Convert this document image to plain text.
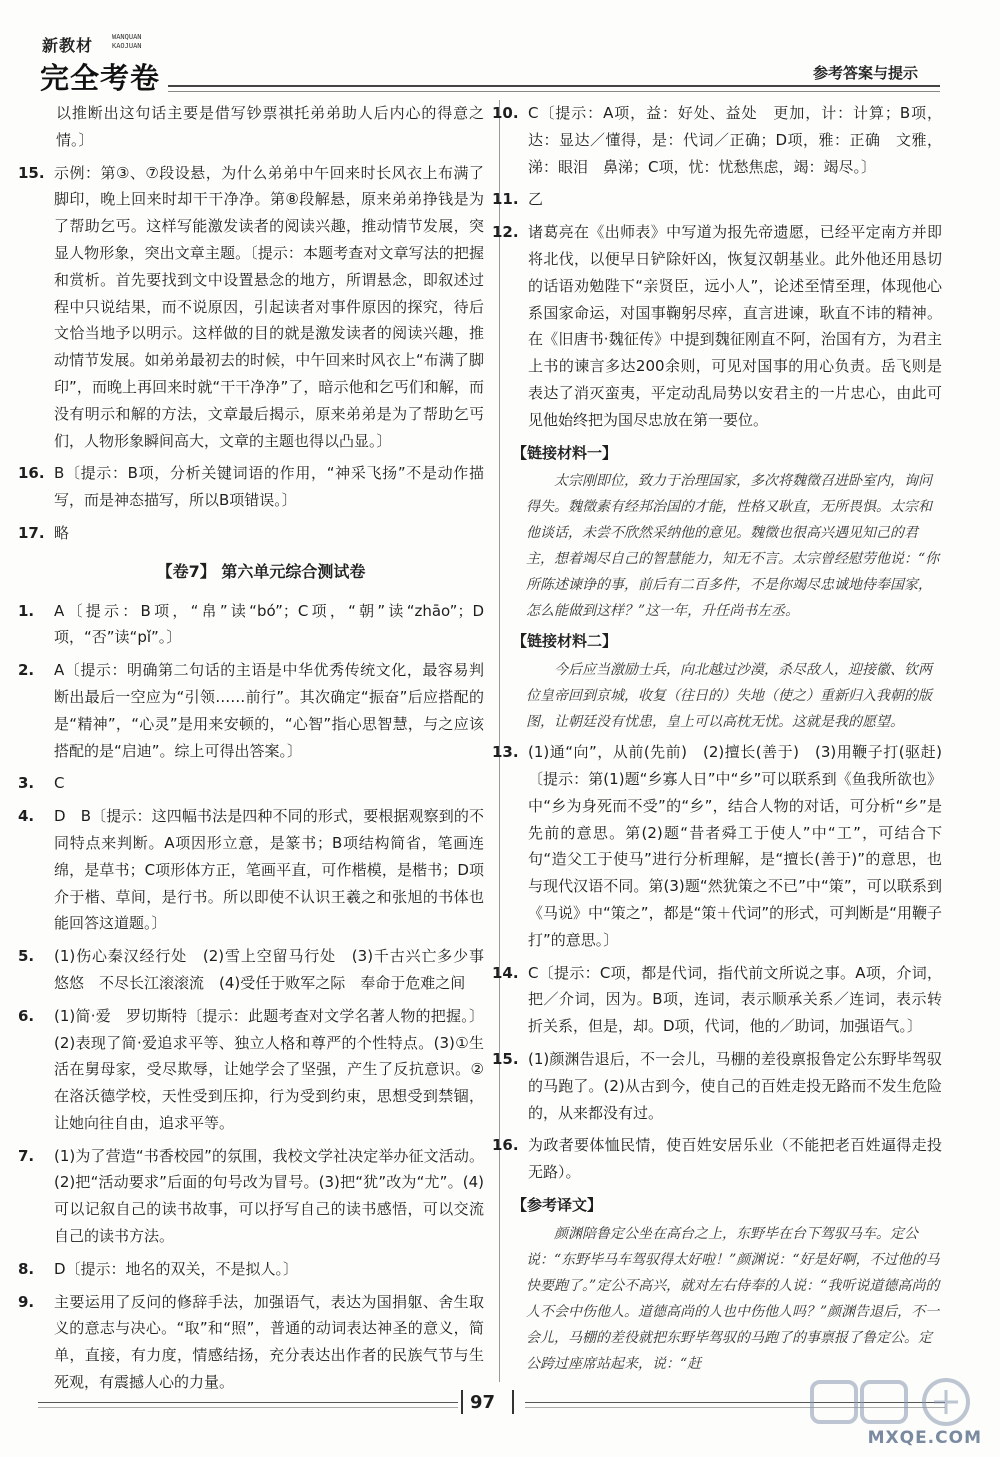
新教材	WANQUAN
KAOJUAN
完全考卷	参考答案与提示
以推断出这句话主要是借写钞票祺托弟弟助人后内心的得意之情。〕
15. 示例：第③、⑦段设悬，为什么弟弟中午回来时长风衣上布满了脚印，晚上回来时却干干净净。第⑧段解悬，原来弟弟挣钱是为了帮助乞丐。这样写能激发读者的阅读兴趣，推动情节发展，突显人物形象，突出文章主题。〔提示：本题考查对文章写法的把握和赏析。首先要找到文中设置悬念的地方，所谓悬念，即叙述过程中只说结果，而不说原因，引起读者对事件原因的探究，待后文恰当地予以明示。这样做的目的就是激发读者的阅读兴趣，推动情节发展。如弟弟最初去的时候，中午回来时风衣上“布满了脚印”，而晚上再回来时就“干干净净”了，暗示他和乞丐们和解，而没有明示和解的方法，文章最后揭示，原来弟弟是为了帮助乞丐们，人物形象瞬间高大，文章的主题也得以凸显。〕
16. B〔提示：B项，分析关键词语的作用，“神采飞扬”不是动作描写，而是神态描写，所以B项错误。〕
17. 略
【卷7】 第六单元综合测试卷
1. A〔提示：B项，“帛”读“bó”；C项，“朝”读“zhāo”；D项，“否”读“pǐ”。〕
2. A〔提示：明确第二句话的主语是中华优秀传统文化，最容易判断出最后一空应为“引领……前行”。其次确定“振奋”后应搭配的是“精神”，“心灵”是用来安顿的，“心智”指心思智慧，与之应该搭配的是“启迪”。综上可得出答案。〕
3. C
4. D　B〔提示：这四幅书法是四种不同的形式，要根据观察到的不同特点来判断。A项因形立意，是篆书；B项结构简省，笔画连绵，是草书；C项形体方正，笔画平直，可作楷模，是楷书；D项介于楷、草间，是行书。所以即使不认识王羲之和张旭的书体也能回答这道题。〕
5. (1)伤心秦汉经行处　(2)雪上空留马行处　(3)千古兴亡多少事　悠悠　不尽长江滚滚流　(4)受任于败军之际　奉命于危难之间
6. (1)简·爱　罗切斯特〔提示：此题考查对文学名著人物的把握。〕(2)表现了简·爱追求平等、独立人格和尊严的个性特点。(3)①生活在舅母家，受尽欺辱，让她学会了坚强，产生了反抗意识。②在洛沃德学校，天性受到压抑，行为受到约束，思想受到禁锢，让她向往自由，追求平等。
7. (1)为了营造“书香校园”的氛围，我校文学社决定举办征文活动。(2)把“活动要求”后面的句号改为冒号。(3)把“犹”改为“尤”。(4)可以记叙自己的读书故事，可以抒写自己的读书感悟，可以交流自己的读书方法。
8. D〔提示：地名的双关，不是拟人。〕
9. 主要运用了反问的修辞手法，加强语气，表达为国捐躯、舍生取义的意志与决心。“取”和“照”，普通的动词表达神圣的意义，简单，直接，有力度，情感结扬，充分表达出作者的民族气节与生死观，有震撼人心的力量。
10. C〔提示：A项，益：好处、益处　更加，计：计算；B项，达：显达／懂得，是：代词／正确；D项，雅：正确　文雅，涕：眼泪　鼻涕；C项，忧：忧愁焦虑，竭：竭尽。〕
11. 乙
12. 诸葛亮在《出师表》中写道为报先帝遗愿，已经平定南方并即将北伐，以便早日铲除奸凶，恢复汉朝基业。此外他还用恳切的话语劝勉陛下“亲贤臣，远小人”，论述至情至理，体现他心系国家命运，对国事鞠躬尽瘁，直言进谏，耿直不讳的精神。在《旧唐书·魏征传》中提到魏征刚直不阿，治国有方，为君主上书的谏言多达200余则，可见对国事的用心负责。岳飞则是表达了消灭蛮夷，平定动乱局势以安君主的一片忠心，由此可见他始终把为国尽忠放在第一要位。
【链接材料一】
太宗刚即位，致力于治理国家，多次将魏徵召进卧室内，询问得失。魏徵素有经邦治国的才能，性格又耿直，无所畏惧。太宗和他谈话，未尝不欣然采纳他的意见。魏徵也很高兴遇见知己的君主，想着竭尽自己的智慧能力，知无不言。太宗曾经慰劳他说：“你所陈述谏诤的事，前后有二百多件，不是你竭尽忠诚地侍奉国家，怎么能做到这样？”这一年，升任尚书左丞。
【链接材料二】
今后应当激励士兵，向北越过沙漠，杀尽敌人，迎接徽、钦两位皇帝回到京城，收复（往日的）失地（使之）重新归入我朝的版图，让朝廷没有忧患，皇上可以高枕无忧。这就是我的愿望。
13. (1)通“向”，从前(先前)　(2)擅长(善于)　(3)用鞭子打(驱赶)〔提示：第(1)题“乡寡人日”中“乡”可以联系到《鱼我所欲也》中“乡为身死而不受”的“乡”，结合人物的对话，可分析“乡”是先前的意思。第(2)题“昔者舜工于使人”中“工”，可结合下句“造父工于使马”进行分析理解，是“擅长(善于)”的意思，也与现代汉语不同。第(3)题“然犹策之不已”中“策”，可以联系到《马说》中“策之”，都是“策＋代词”的形式，可判断是“用鞭子打”的意思。〕
14. C〔提示：C项，都是代词，指代前文所说之事。A项，介词，把／介词，因为。B项，连词，表示顺承关系／连词，表示转折关系，但是，却。D项，代词，他的／助词，加强语气。〕
15. (1)颜渊告退后，不一会儿，马棚的差役禀报鲁定公东野毕驾驭的马跑了。(2)从古到今，使自己的百姓走投无路而不发生危险的，从来都没有过。
16. 为政者要体恤民情，使百姓安居乐业（不能把老百姓逼得走投无路）。
【参考译文】
颜渊陪鲁定公坐在高台之上，东野毕在台下驾驭马车。定公说：“东野毕马车驾驭得太好啦！”颜渊说：“好是好啊，不过他的马快要跑了。”定公不高兴，就对左右侍奉的人说：“我听说道德高尚的人不会中伤他人。道德高尚的人也中伤他人吗？”颜渊告退后，不一会儿，马棚的差役就把东野毕驾驭的马跑了的事禀报了鲁定公。定公跨过座席站起来，说：“赶
97
MXQE.COM
